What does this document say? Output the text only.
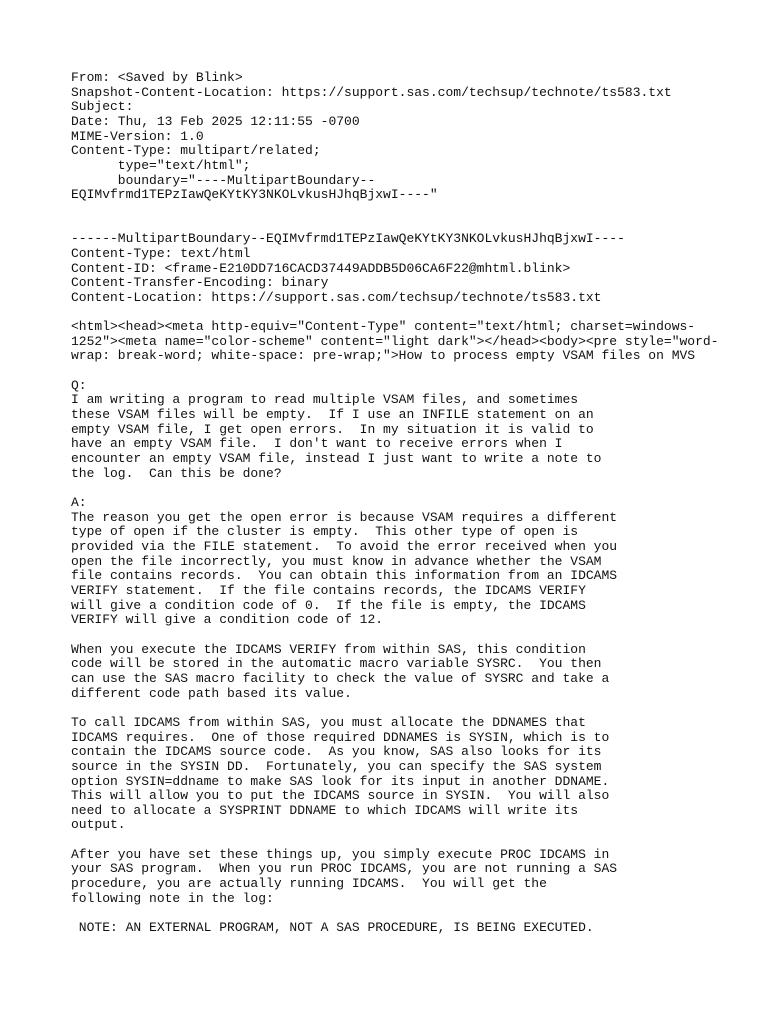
From: <Saved by Blink>
Snapshot-Content-Location: https://support.sas.com/techsup/technote/ts583.txt
Subject:
Date: Thu, 13 Feb 2025 12:11:55 -0700
MIME-Version: 1.0
Content-Type: multipart/related;
type="text/html";
boundary="----MultipartBoundary--
EQIMvfrmd1TEPzIawQeKYtKY3NKOLvkusHJhqBjxwI----"

------MultipartBoundary--EQIMvfrmd1TEPzIawQeKYtKY3NKOLvkusHJhqBjxwI----
Content-Type: text/html
Content-ID: <frame-E210DD716CACD37449ADDB5D06CA6F22@mhtml.blink>
Content-Transfer-Encoding: binary
Content-Location: https://support.sas.com/techsup/technote/ts583.txt

<html><head><meta http-equiv="Content-Type" content="text/html; charset=windows-
1252"><meta name="color-scheme" content="light dark"></head><body><pre style="word-
wrap: break-word; white-space: pre-wrap;">How to process empty VSAM files on MVS

Q:
I am writing a program to read multiple VSAM files, and sometimes
these VSAM files will be empty.  If I use an INFILE statement on an
empty VSAM file, I get open errors.  In my situation it is valid to
have an empty VSAM file.  I don't want to receive errors when I
encounter an empty VSAM file, instead I just want to write a note to
the log.  Can this be done?

A:
The reason you get the open error is because VSAM requires a different
type of open if the cluster is empty.  This other type of open is
provided via the FILE statement.  To avoid the error received when you
open the file incorrectly, you must know in advance whether the VSAM
file contains records.  You can obtain this information from an IDCAMS
VERIFY statement.  If the file contains records, the IDCAMS VERIFY
will give a condition code of 0.  If the file is empty, the IDCAMS
VERIFY will give a condition code of 12.

When you execute the IDCAMS VERIFY from within SAS, this condition
code will be stored in the automatic macro variable SYSRC.  You then
can use the SAS macro facility to check the value of SYSRC and take a
different code path based its value.

To call IDCAMS from within SAS, you must allocate the DDNAMES that
IDCAMS requires.  One of those required DDNAMES is SYSIN, which is to
contain the IDCAMS source code.  As you know, SAS also looks for its
source in the SYSIN DD.  Fortunately, you can specify the SAS system
option SYSIN=ddname to make SAS look for its input in another DDNAME.
This will allow you to put the IDCAMS source in SYSIN.  You will also
need to allocate a SYSPRINT DDNAME to which IDCAMS will write its
output.

After you have set these things up, you simply execute PROC IDCAMS in
your SAS program.  When you run PROC IDCAMS, you are not running a SAS
procedure, you are actually running IDCAMS.  You will get the
following note in the log:

NOTE: AN EXTERNAL PROGRAM, NOT A SAS PROCEDURE, IS BEING EXECUTED.
